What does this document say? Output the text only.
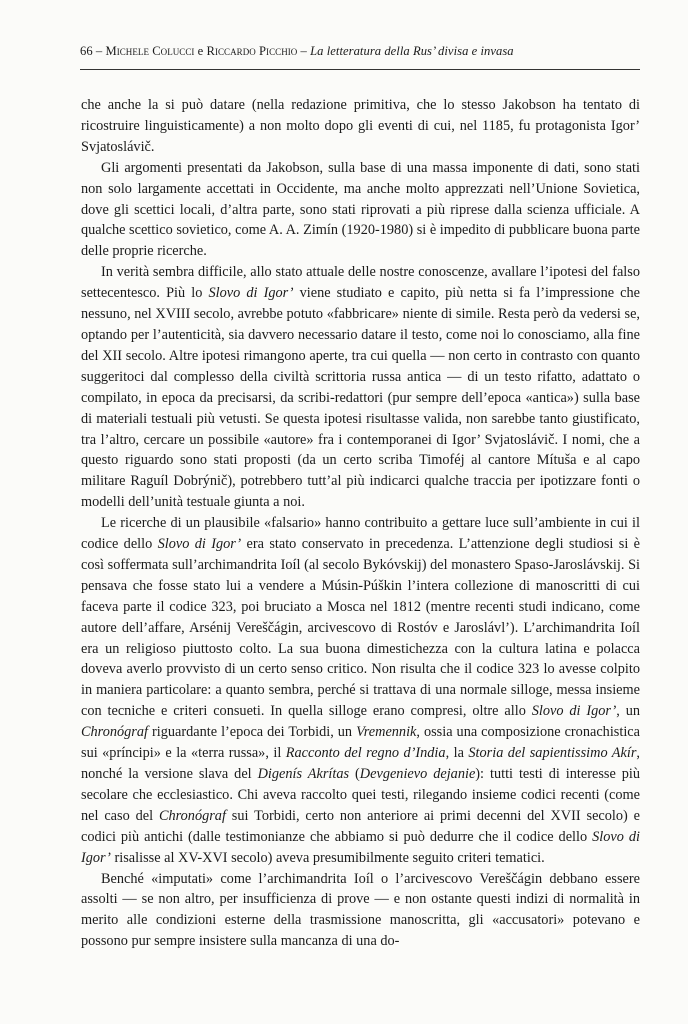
66 – Michele Colucci e Riccardo Picchio – La letteratura della Rus’ divisa e invasa

che anche la si può datare (nella redazione primitiva, che lo stesso Jakobson ha tentato di ricostruire linguisticamente) a non molto dopo gli eventi di cui, nel 1185, fu protagonista Igor’ Svjatoslávič.

Gli argomenti presentati da Jakobson, sulla base di una massa imponente di dati, sono stati non solo largamente accettati in Occidente, ma anche molto apprezzati nell’Unione Sovietica, dove gli scettici locali, d’altra parte, sono stati riprovati a più riprese dalla scienza ufficiale. A qualche scettico sovietico, come A. A. Zimín (1920-1980) si è impedito di pubblicare buona parte delle proprie ricerche.

In verità sembra difficile, allo stato attuale delle nostre conoscenze, avallare l’ipotesi del falso settecentesco. Più lo Slovo di Igor’ viene studiato e capito, più netta si fa l’impressione che nessuno, nel XVIII secolo, avrebbe potuto «fabbricare» niente di simile. Resta però da vedersi se, optando per l’autenticità, sia davvero necessario datare il testo, come noi lo conosciamo, alla fine del XII secolo. Altre ipotesi rimangono aperte, tra cui quella — non certo in contrasto con quanto suggeritoci dal complesso della civiltà scrittoria russa antica — di un testo rifatto, adattato o compilato, in epoca da precisarsi, da scribi-redattori (pur sempre dell’epoca «antica») sulla base di materiali testuali più vetusti. Se questa ipotesi risultasse valida, non sarebbe tanto giustificato, tra l’altro, cercare un possibile «autore» fra i contemporanei di Igor’ Svjatoslávič. I nomi, che a questo riguardo sono stati proposti (da un certo scriba Timoféj al cantore Mítuša e al capo militare Raguíl Dobrýnič), potrebbero tutt’al più indicarci qualche traccia per ipotizzare fonti o modelli dell’unità testuale giunta a noi.

Le ricerche di un plausibile «falsario» hanno contribuito a gettare luce sull’ambiente in cui il codice dello Slovo di Igor’ era stato conservato in precedenza. L’attenzione degli studiosi si è così soffermata sull’archimandrita Ioíl (al secolo Bykóvskij) del monastero Spaso-Jaroslávskij. Si pensava che fosse stato lui a vendere a Músin-Púškin l’intera collezione di manoscritti di cui faceva parte il codice 323, poi bruciato a Mosca nel 1812 (mentre recenti studi indicano, come autore dell’affare, Arsénij Vereščágin, arcivescovo di Rostóv e Jaroslávl’). L’archimandrita Ioíl era un religioso piuttosto colto. La sua buona dimestichezza con la cultura latina e polacca doveva averlo provvisto di un certo senso critico. Non risulta che il codice 323 lo avesse colpito in maniera particolare: a quanto sembra, perché si trattava di una normale silloge, messa insieme con tecniche e criteri consueti. In quella silloge erano compresi, oltre allo Slovo di Igor’, un Chronógraf riguardante l’epoca dei Torbidi, un Vremennik, ossia una composizione cronachistica sui «príncipi» e la «terra russa», il Racconto del regno d’India, la Storia del sapientissimo Akír, nonché la versione slava del Digenís Akrítas (Devgenievo dejanie): tutti testi di interesse più secolare che ecclesiastico. Chi aveva raccolto quei testi, rilegando insieme codici recenti (come nel caso del Chronógraf sui Torbidi, certo non anteriore ai primi decenni del XVII secolo) e codici più antichi (dalle testimonianze che abbiamo si può dedurre che il codice dello Slovo di Igor’ risalisse al XV-XVI secolo) aveva presumibilmente seguito criteri tematici.

Benché «imputati» come l’archimandrita Ioíl o l’arcivescovo Vereščágin debbano essere assolti — se non altro, per insufficienza di prove — e non ostante questi indizi di normalità in merito alle condizioni esterne della trasmissione manoscritta, gli «accusatori» potevano e possono pur sempre insistere sulla mancanza di una do-
